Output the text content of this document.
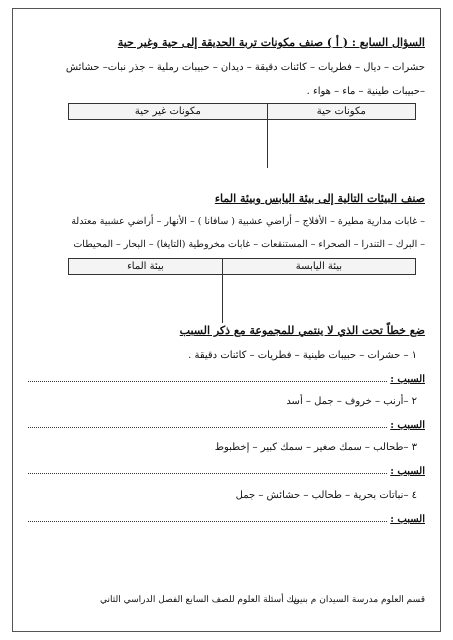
السؤال السابع : ( أ ) صنف مكونات تربة الحديقة إلى حية وغير حية
حشرات – ديال – فطريات – كائنات دقيقة – ديدان – حبيبات رملية – جذر نبات– حشائش
–حبيبات طينية – ماء – هواء .
مكونات حية	مكونات غير حية

صنف البيئات التالية إلى بيئة اليابس وبيئة الماء
– غابات مدارية مطيرة – الأفلاج – أراضي عشبية ( سافانا ) – الأنهار – أراضي عشبية معتدلة
– البرك – التندرا – الصحراء – المستنقعات – غابات مخروطية (التايغا) – البحار – المحيطات
بيئة اليابسة	بيئة الماء

ضع خطاً تحت الذي لا ينتمي للمجموعة مع ذكر السبب
١ – حشرات – حبيبات طينية – فطريات – كائنات دقيقة .
السبب :
٢ –أرنب – خروف – جمل – أسد
السبب :
٣ –طحالب – سمك صغير – سمك كبير – إخطبوط
السبب :
٤ –نباتات بحرية – طحالب – حشائش – جمل
السبب :
قسم العلوم مدرسة السيدان م بنين
بنك أسئلة العلوم للصف السابع الفصل الدراسي الثاني
